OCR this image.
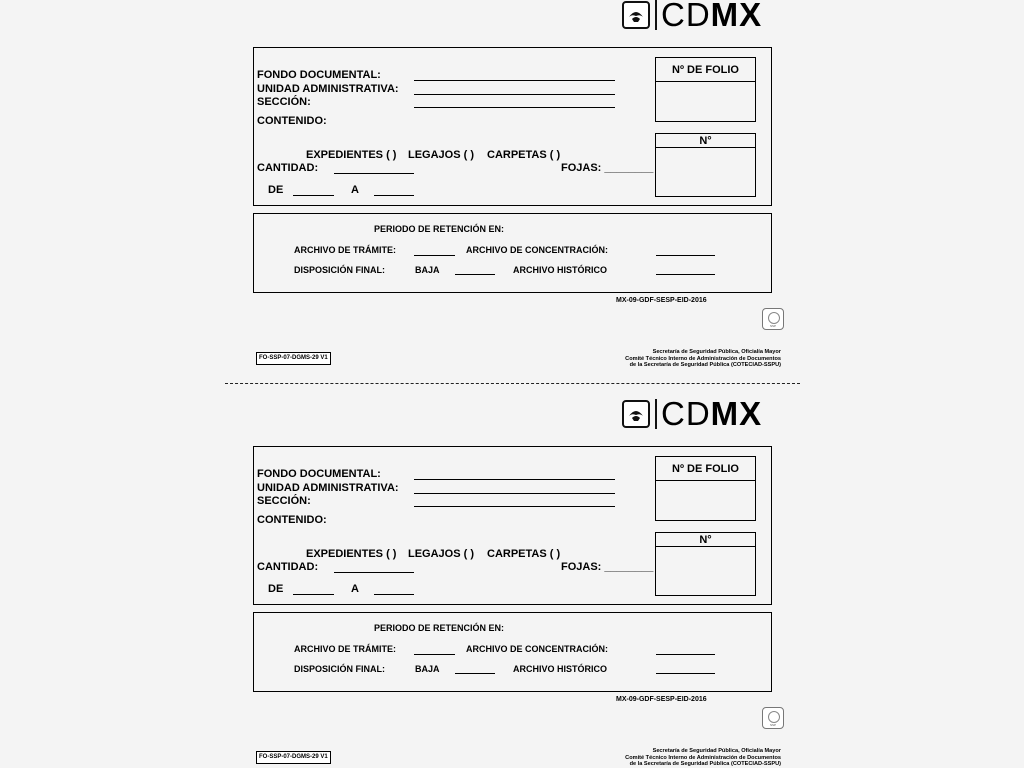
CDMX
FONDO DOCUMENTAL:
UNIDAD ADMINISTRATIVA:
SECCIÓN:
CONTENIDO:
EXPEDIENTES ( ) LEGAJOS ( ) CARPETAS ( )
CANTIDAD:	FOJAS: ________
DE	A
Nº DE FOLIO
N°
PERIODO DE RETENCIÓN EN:
ARCHIVO DE TRÁMITE:	ARCHIVO DE CONCENTRACIÓN:
DISPOSICIÓN FINAL:	BAJA	ARCHIVO HISTÓRICO
MX-09-GDF-SESP-EID-2016
SSP
FO-SSP-07-DGMS-29 V1
Secretaría de Seguridad Pública, Oficialía Mayor
Comité Técnico Interno de Administración de Documentos
de la Secretaría de Seguridad Pública (COTECIAD-SSPU)
CDMX
FONDO DOCUMENTAL:
UNIDAD ADMINISTRATIVA:
SECCIÓN:
CONTENIDO:
EXPEDIENTES ( ) LEGAJOS ( ) CARPETAS ( )
CANTIDAD:	FOJAS: ________
DE	A
Nº DE FOLIO
N°
PERIODO DE RETENCIÓN EN:
ARCHIVO DE TRÁMITE:	ARCHIVO DE CONCENTRACIÓN:
DISPOSICIÓN FINAL:	BAJA	ARCHIVO HISTÓRICO
MX-09-GDF-SESP-EID-2016
SSP
FO-SSP-07-DGMS-29 V1
Secretaría de Seguridad Pública, Oficialía Mayor
Comité Técnico Interno de Administración de Documentos
de la Secretaría de Seguridad Pública (COTECIAD-SSPU)
